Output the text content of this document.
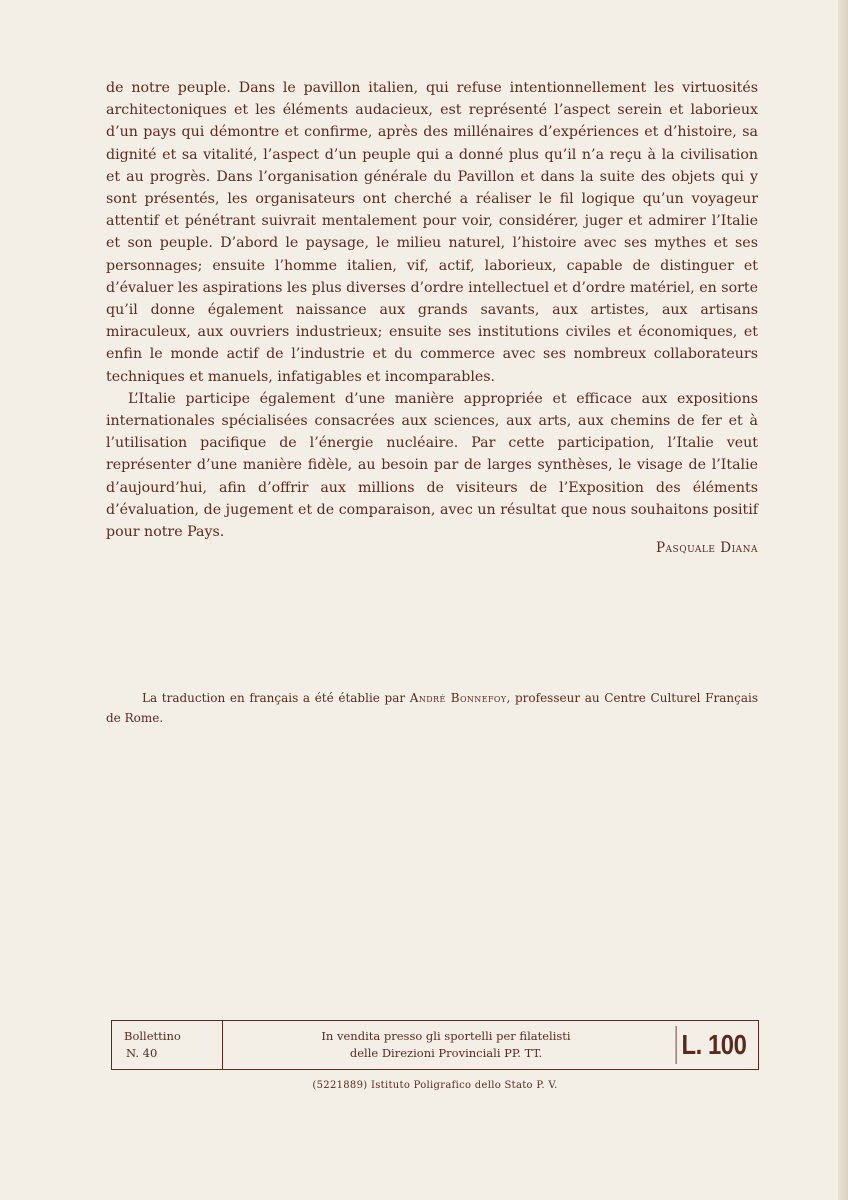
de notre peuple. Dans le pavillon italien, qui refuse intentionnellement les virtuosités architectoniques et les éléments audacieux, est représenté l’aspect serein et laborieux d’un pays qui démontre et confirme, après des millénaires d’expériences et d’histoire, sa dignité et sa vitalité, l’aspect d’un peuple qui a donné plus qu’il n’a reçu à la civilisation et au progrès. Dans l’organisation générale du Pavillon et dans la suite des objets qui y sont présentés, les organisateurs ont cherché a réaliser le fil logique qu’un voyageur attentif et pénétrant suivrait mentalement pour voir, considérer, juger et admirer l’Italie et son peuple. D’abord le paysage, le milieu naturel, l’histoire avec ses mythes et ses personnages; ensuite l’homme italien, vif, actif, laborieux, capable de distinguer et d’évaluer les aspirations les plus diverses d’ordre intellectuel et d’ordre matériel, en sorte qu’il donne également naissance aux grands savants, aux artistes, aux artisans miraculeux, aux ouvriers industrieux; ensuite ses institutions civiles et économiques, et enfin le monde actif de l’industrie et du commerce avec ses nombreux collaborateurs techniques et manuels, infatigables et incomparables.

L’Italie participe également d’une manière appropriée et efficace aux expositions internationales spécialisées consacrées aux sciences, aux arts, aux chemins de fer et à l’utilisation pacifique de l’énergie nucléaire. Par cette participation, l’Italie veut représenter d’une manière fidèle, au besoin par de larges synthèses, le visage de l’Italie d’aujourd’hui, afin d’offrir aux millions de visiteurs de l’Exposition des éléments d’évaluation, de jugement et de comparaison, avec un résultat que nous souhaitons positif pour notre Pays.

Pasquale Diana
La traduction en français a été établie par André Bonnefoy, professeur au Centre Culturel Français de Rome.
Bollettino
N. 40
In vendita presso gli sportelli per filatelisti
delle Direzioni Provinciali PP. TT.	L. 100
(5221889) Istituto Poligrafico dello Stato P. V.
